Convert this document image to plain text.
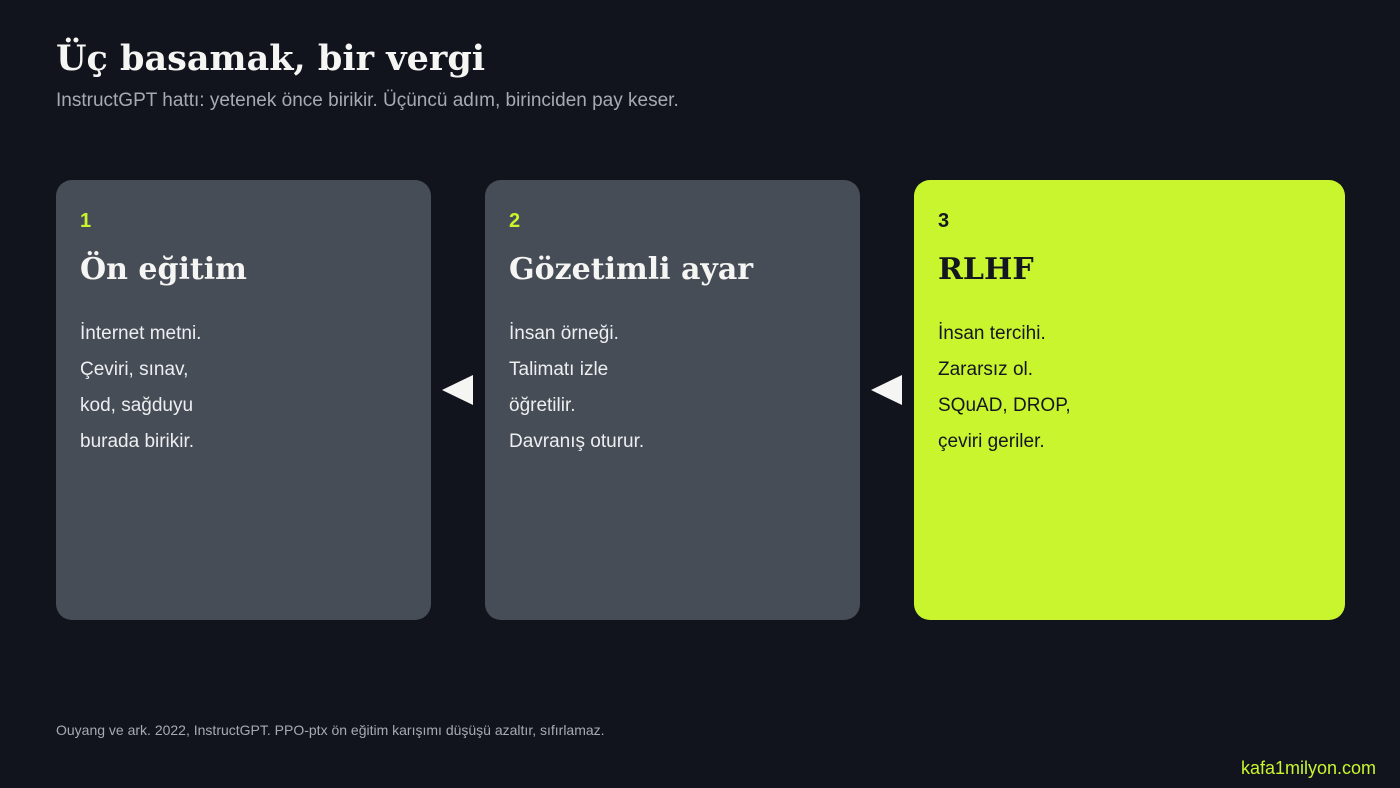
Üç basamak, bir vergi

InstructGPT hattı: yetenek önce birikir. Üçüncü adım, birinciden pay keser.

1
Ön eğitim
İnternet metni.
Çeviri, sınav,
kod, sağduyu
burada birikir.
2
Gözetimli ayar
İnsan örneği.
Talimatı izle
öğretilir.
Davranış oturur.
3
RLHF
İnsan tercihi.
Zararsız ol.
SQuAD, DROP,
çeviri geriler.

Ouyang ve ark. 2022, InstructGPT. PPO-ptx ön eğitim karışımı düşüşü azaltır, sıfırlamaz.

kafa1milyon.com
